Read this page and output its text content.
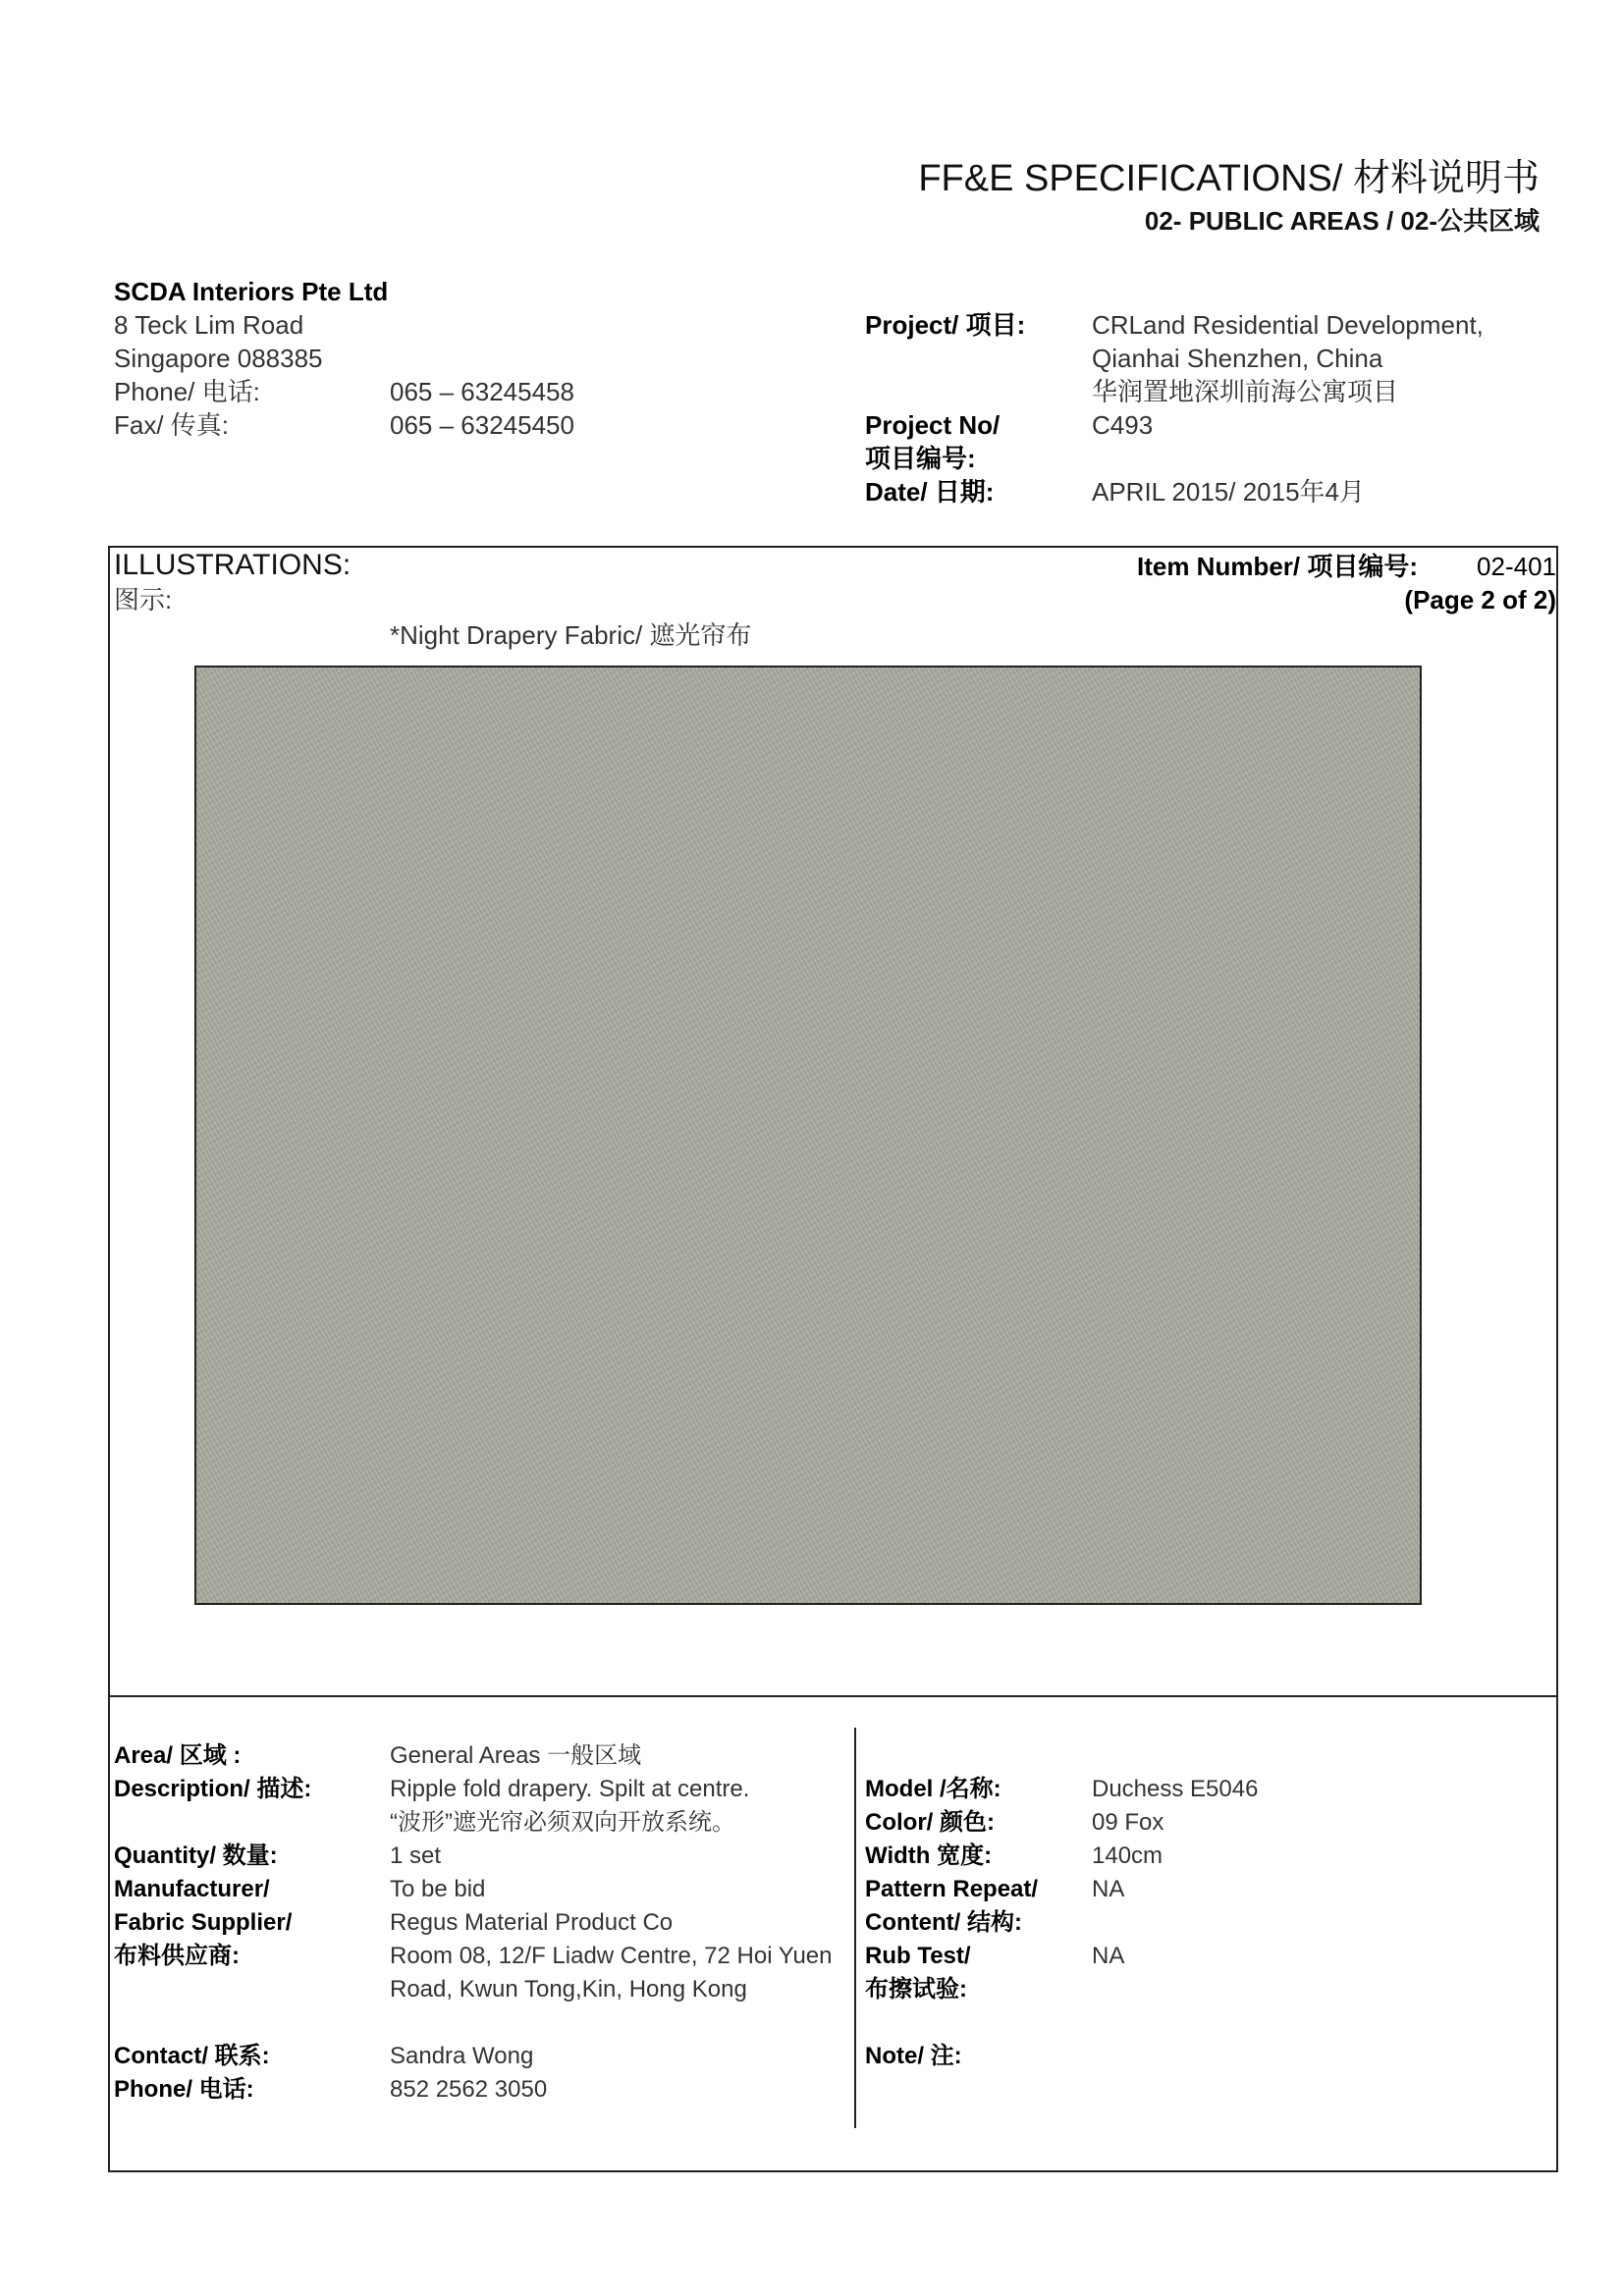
FF&E SPECIFICATIONS/ 材料说明书
02- PUBLIC AREAS / 02-公共区域
SCDA Interiors Pte Ltd
8 Teck Lim Road
Singapore 088385
Phone/ 电话:	065 – 63245458
Fax/ 传真:	065 – 63245450
Project/ 项目:	CRLand Residential Development,
Qianhai Shenzhen, China
华润置地深圳前海公寓项目
Project No/
项目编号:
C493
Date/ 日期:	APRIL 2015/ 2015年4月
ILLUSTRATIONS:
图示:
Item Number/ 项目编号: 02-401
(Page 2 of 2)
*Night Drapery Fabric/ 遮光帘布
Area/ 区域 :	General Areas 一般区域
Description/ 描述:	Ripple fold drapery. Spilt at centre.
“波形”遮光帘必须双向开放系统。
Quantity/ 数量:	1 set
Manufacturer/	To be bid
Fabric Supplier/
布料供应商:
Regus Material Product Co
Room 08, 12/F Liadw Centre, 72 Hoi Yuen
Road, Kwun Tong,Kin, Hong Kong
Contact/ 联系:	Sandra Wong
Phone/ 电话:	852 2562 3050
Model /名称:	Duchess E5046
Color/ 颜色:	09 Fox
Width 宽度:	140cm
Pattern Repeat/ NA
Content/ 结构:
Rub Test/
布擦试验:
NA
Note/ 注:
